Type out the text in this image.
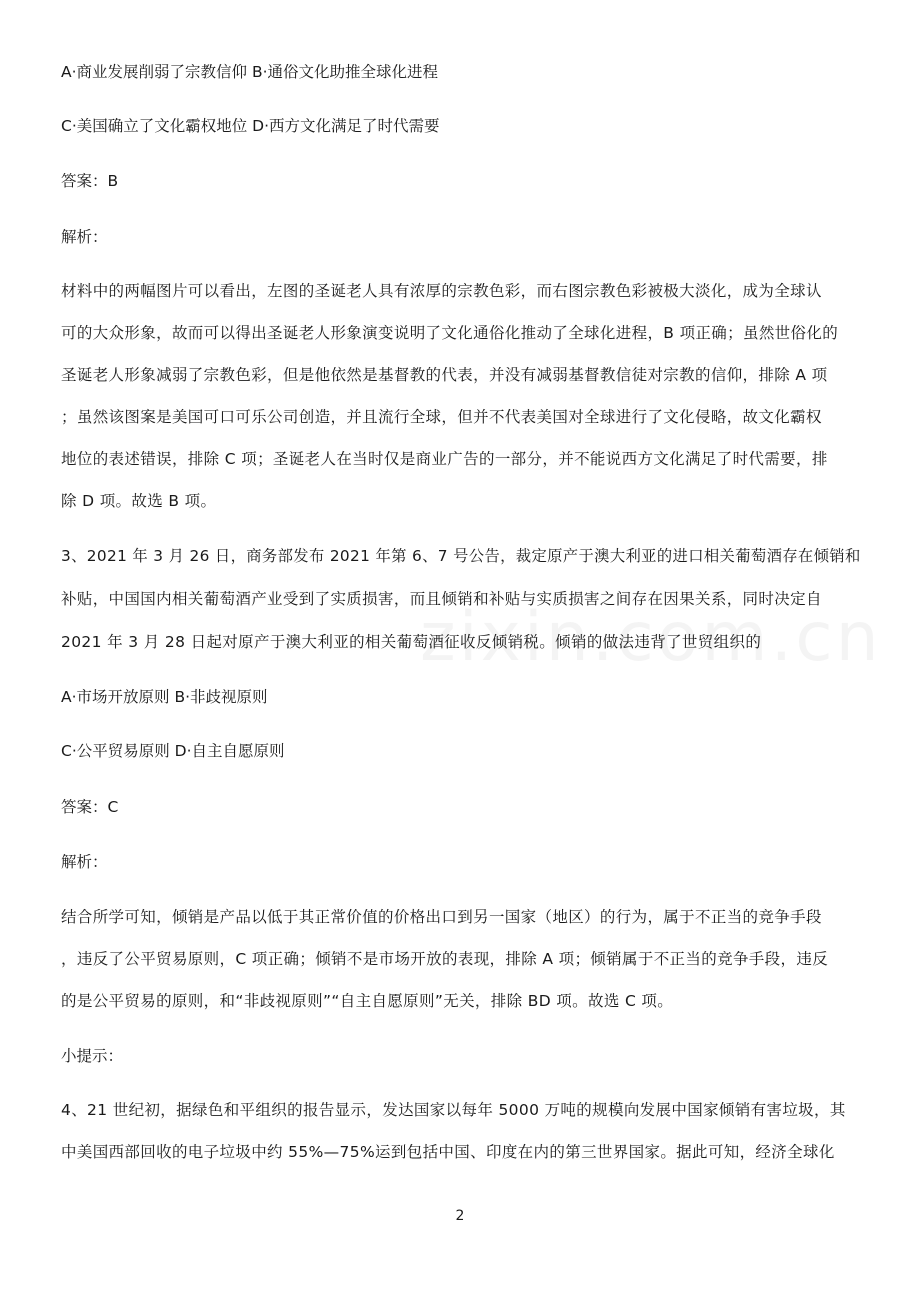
A·商业发展削弱了宗教信仰 B·通俗文化助推全球化进程
C·美国确立了文化霸权地位 D·西方文化满足了时代需要
答案：B
解析：
材料中的两幅图片可以看出，左图的圣诞老人具有浓厚的宗教色彩，而右图宗教色彩被极大淡化，成为全球认
可的大众形象，故而可以得出圣诞老人形象演变说明了文化通俗化推动了全球化进程，B 项正确；虽然世俗化的
圣诞老人形象减弱了宗教色彩，但是他依然是基督教的代表，并没有减弱基督教信徒对宗教的信仰，排除 A 项
；虽然该图案是美国可口可乐公司创造，并且流行全球，但并不代表美国对全球进行了文化侵略，故文化霸权
地位的表述错误，排除 C 项；圣诞老人在当时仅是商业广告的一部分，并不能说西方文化满足了时代需要，排
除 D 项。故选 B 项。
3、2021 年 3 月 26 日，商务部发布 2021 年第 6、7 号公告，裁定原产于澳大利亚的进口相关葡萄酒存在倾销和
补贴，中国国内相关葡萄酒产业受到了实质损害，而且倾销和补贴与实质损害之间存在因果关系，同时决定自
2021 年 3 月 28 日起对原产于澳大利亚的相关葡萄酒征收反倾销税。倾销的做法违背了世贸组织的
A·市场开放原则 B·非歧视原则
C·公平贸易原则 D·自主自愿原则
答案：C
解析：
结合所学可知，倾销是产品以低于其正常价值的价格出口到另一国家（地区）的行为，属于不正当的竞争手段
，违反了公平贸易原则，C 项正确；倾销不是市场开放的表现，排除 A 项；倾销属于不正当的竞争手段，违反
的是公平贸易的原则，和“非歧视原则”“自主自愿原则”无关，排除 BD 项。故选 C 项。
小提示：
4、21 世纪初，据绿色和平组织的报告显示，发达国家以每年 5000 万吨的规模向发展中国家倾销有害垃圾，其
中美国西部回收的电子垃圾中约 55%—75%运到包括中国、印度在内的第三世界国家。据此可知，经济全球化
2
